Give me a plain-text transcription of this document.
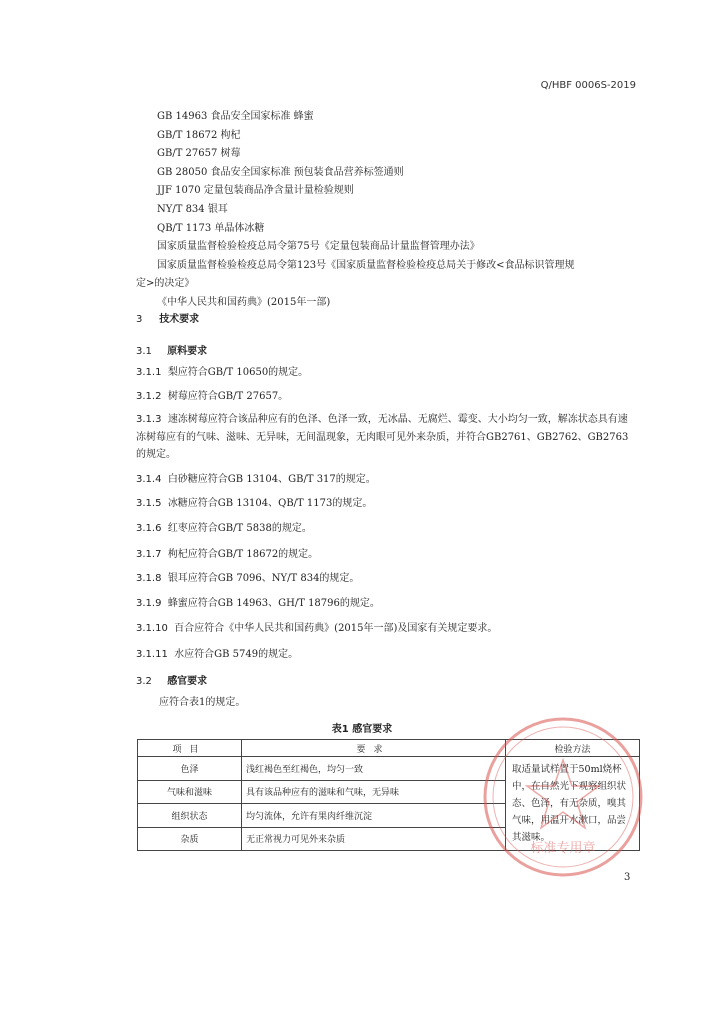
Q/HBF 0006S-2019
GB 14963 食品安全国家标准 蜂蜜
GB/T 18672 枸杞
GB/T 27657 树莓
GB 28050 食品安全国家标准 预包装食品营养标签通则
JJF 1070 定量包装商品净含量计量检验规则
NY/T 834 银耳
QB/T 1173 单晶体冰糖
国家质量监督检验检疫总局令第75号《定量包装商品计量监督管理办法》
国家质量监督检验检疫总局令第123号《国家质量监督检验检疫总局关于修改<食品标识管理规
定>的决定》
《中华人民共和国药典》(2015年一部)
3 技术要求
3.1 原料要求
3.1.1 梨应符合GB/T 10650的规定。
3.1.2 树莓应符合GB/T 27657。
3.1.3 速冻树莓应符合该品种应有的色泽、色泽一致，无冰晶、无腐烂、霉变、大小均匀一致，解冻状态具有速冻树莓应有的气味、滋味、无异味，无间温现象，无肉眼可见外来杂质，并符合GB2761、GB2762、GB2763的规定。
3.1.4 白砂糖应符合GB 13104、GB/T 317的规定。
3.1.5 冰糖应符合GB 13104、QB/T 1173的规定。
3.1.6 红枣应符合GB/T 5838的规定。
3.1.7 枸杞应符合GB/T 18672的规定。
3.1.8 银耳应符合GB 7096、NY/T 834的规定。
3.1.9 蜂蜜应符合GB 14963、GH/T 18796的规定。
3.1.10 百合应符合《中华人民共和国药典》(2015年一部)及国家有关规定要求。
3.1.11 水应符合GB 5749的规定。
3.2 感官要求
应符合表1的规定。
表1 感官要求
项目	要求	检验方法
色泽	浅红褐色至红褐色，均匀一致	取适量试样置于50ml烧杯中，在自然光下观察组织状态、色泽，有无杂质，嗅其气味，用温开水漱口，品尝其滋味。
气味和滋味	具有该品种应有的滋味和气味，无异味	
组织状态	均匀流体，允许有果肉纤维沉淀	
杂质	无正常视力可见外来杂质	
标准专用章
3
